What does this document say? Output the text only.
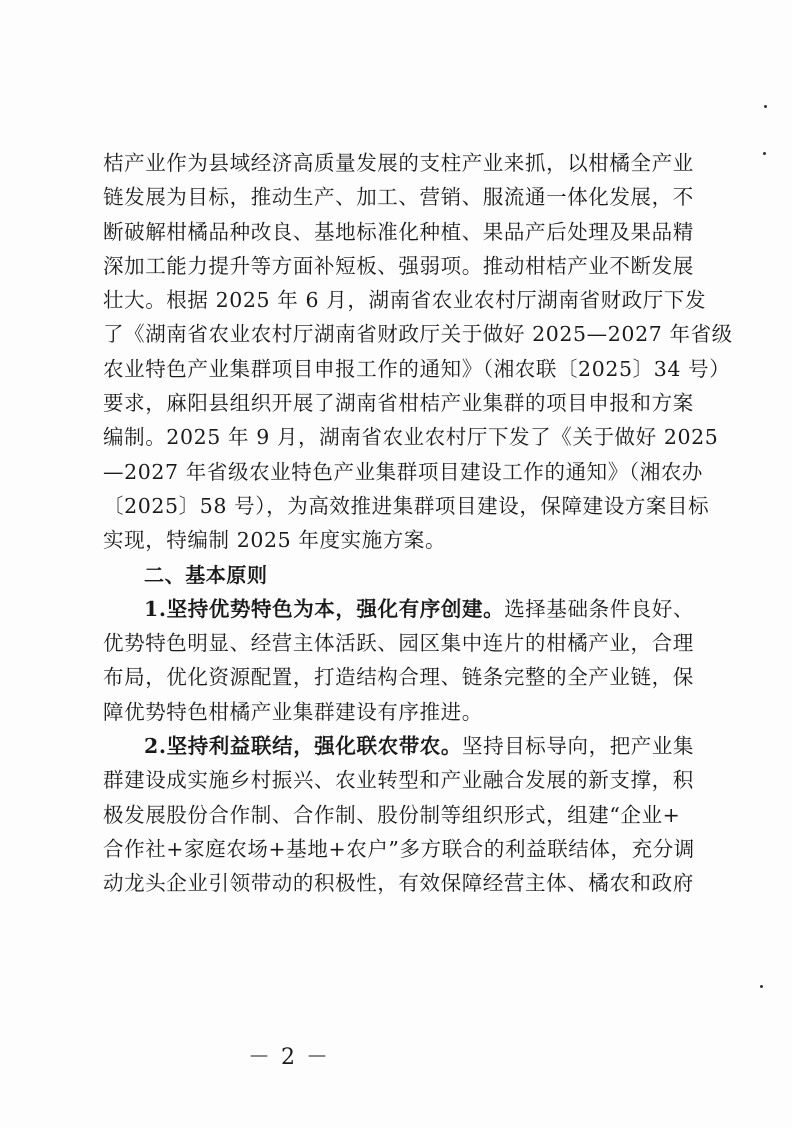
桔产业作为县域经济高质量发展的支柱产业来抓，以柑橘全产业
链发展为目标，推动生产、加工、营销、服流通一体化发展，不
断破解柑橘品种改良、基地标准化种植、果品产后处理及果品精
深加工能力提升等方面补短板、强弱项。推动柑桔产业不断发展
壮大。根据 2025 年 6 月，湖南省农业农村厅湖南省财政厅下发
了《湖南省农业农村厅湖南省财政厅关于做好 2025—2027 年省级
农业特色产业集群项目申报工作的通知》（湘农联〔2025〕34 号）
要求，麻阳县组织开展了湖南省柑桔产业集群的项目申报和方案
编制。2025 年 9 月，湖南省农业农村厅下发了《关于做好 2025
—2027 年省级农业特色产业集群项目建设工作的通知》（湘农办
〔2025〕58 号），为高效推进集群项目建设，保障建设方案目标
实现，特编制 2025 年度实施方案。
二、基本原则
1.坚持优势特色为本，强化有序创建。选择基础条件良好、
优势特色明显、经营主体活跃、园区集中连片的柑橘产业，合理
布局，优化资源配置，打造结构合理、链条完整的全产业链，保
障优势特色柑橘产业集群建设有序推进。
2.坚持利益联结，强化联农带农。坚持目标导向，把产业集
群建设成实施乡村振兴、农业转型和产业融合发展的新支撑，积
极发展股份合作制、合作制、股份制等组织形式，组建“企业+
合作社+家庭农场+基地+农户”多方联合的利益联结体，充分调
动龙头企业引领带动的积极性，有效保障经营主体、橘农和政府
－ 2 －
